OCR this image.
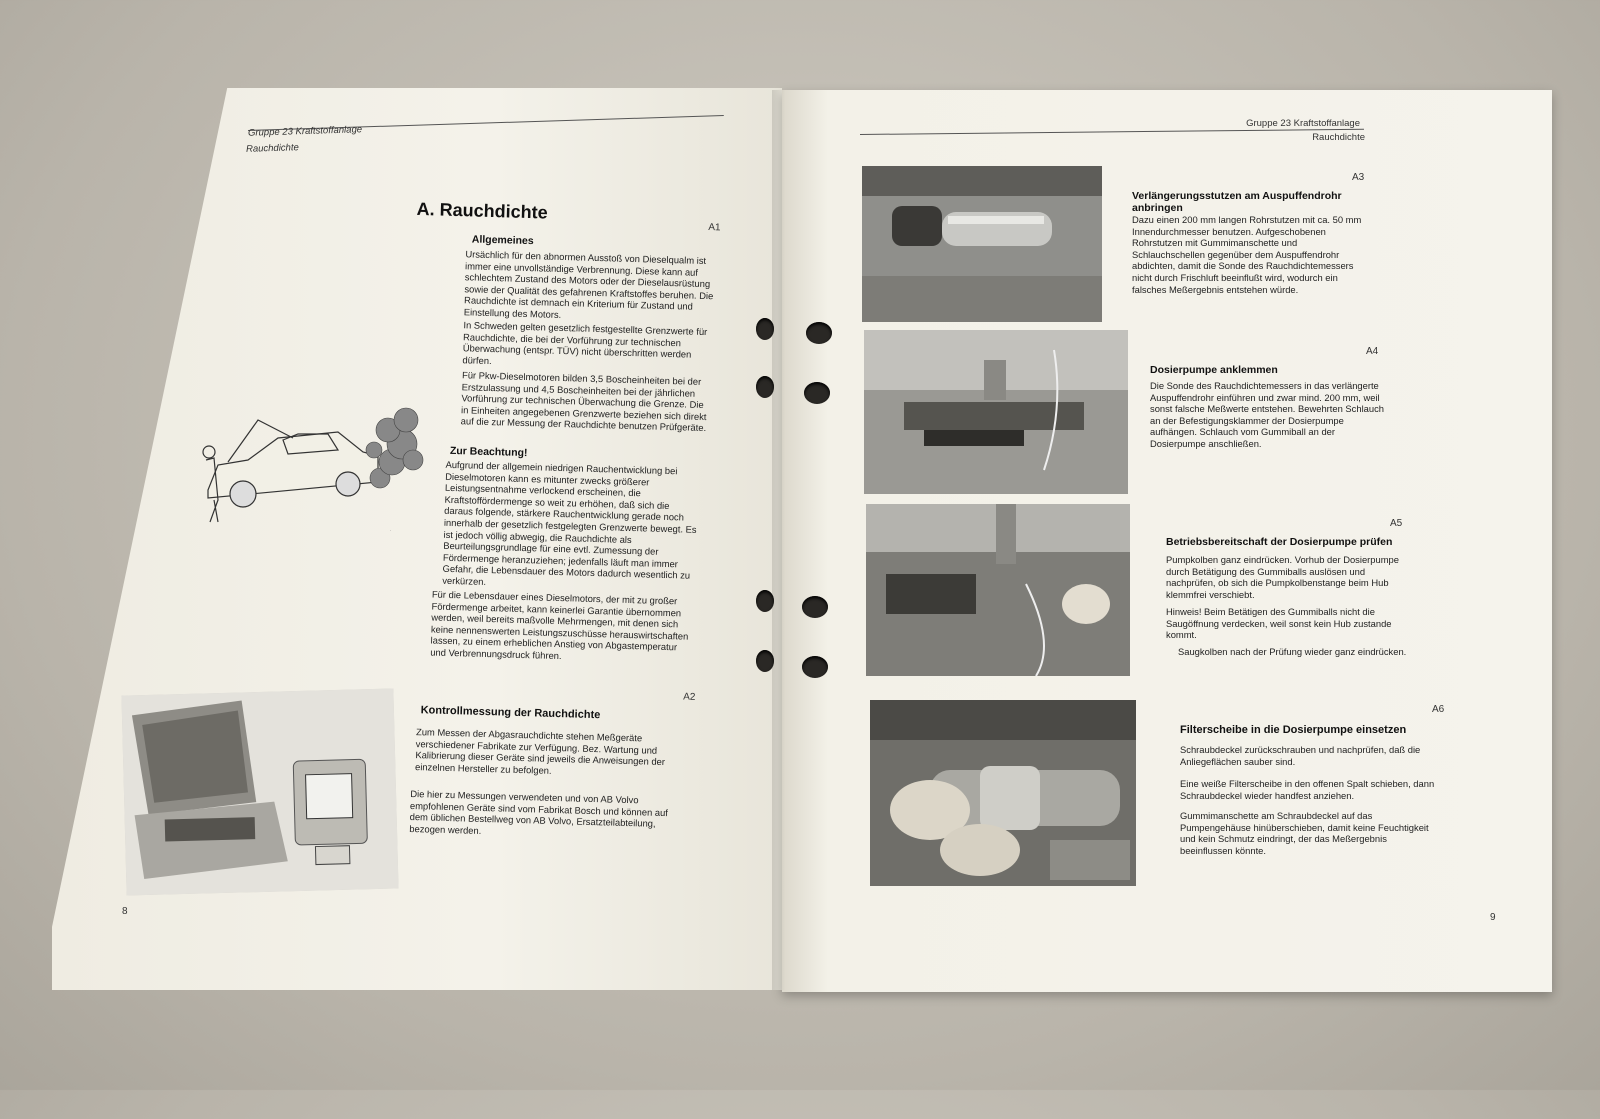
Gruppe 23 Kraftstoffanlage
Rauchdichte
A. Rauchdichte
A1
Allgemeines

Ursächlich für den abnormen Ausstoß von Dieselqualm ist immer eine unvollständige Verbrennung. Diese kann auf schlechtem Zustand des Motors oder der Dieselausrüstung sowie der Qualität des gefahrenen Kraftstoffes beruhen. Die Rauchdichte ist demnach ein Kriterium für Zustand und Einstellung des Motors.

In Schweden gelten gesetzlich festgestellte Grenzwerte für Rauchdichte, die bei der Vorführung zur technischen Überwachung (entspr. TÜV) nicht überschritten werden dürfen.

Für Pkw-Dieselmotoren bilden 3,5 Boscheinheiten bei der Erstzulassung und 4,5 Boscheinheiten bei der jährlichen Vorführung zur technischen Überwachung die Grenze. Die in Einheiten angegebenen Grenzwerte beziehen sich direkt auf die zur Messung der Rauchdichte benutzen Prüfgeräte.

Zur Beachtung!

Aufgrund der allgemein niedrigen Rauchentwicklung bei Dieselmotoren kann es mitunter zwecks größerer Leistungsentnahme verlockend erscheinen, die Kraftstoffördermenge so weit zu erhöhen, daß sich die daraus folgende, stärkere Rauchentwicklung gerade noch innerhalb der gesetzlich festgelegten Grenzwerte bewegt. Es ist jedoch völlig abwegig, die Rauchdichte als Beurteilungsgrundlage für eine evtl. Zumessung der Fördermenge heranzuziehen; jedenfalls läuft man immer Gefahr, die Lebensdauer des Motors dadurch wesentlich zu verkürzen.

Für die Lebensdauer eines Dieselmotors, der mit zu großer Fördermenge arbeitet, kann keinerlei Garantie übernommen werden, weil bereits maßvolle Mehrmengen, mit denen sich keine nennenswerten Leistungszuschüsse herauswirtschaften lassen, zu einem erheblichen Anstieg von Abgastemperatur und Verbrennungsdruck führen.

A2
Kontrollmessung der Rauchdichte

Zum Messen der Abgasrauchdichte stehen Meßgeräte verschiedener Fabrikate zur Verfügung. Bez. Wartung und Kalibrierung dieser Geräte sind jeweils die Anweisungen der einzelnen Hersteller zu befolgen.

Die hier zu Messungen verwendeten und von AB Volvo empfohlenen Geräte sind vom Fabrikat Bosch und können auf dem üblichen Bestellweg von AB Volvo, Ersatzteilabteilung, bezogen werden.

·
8
Gruppe 23 Kraftstoffanlage
Rauchdichte
A3
Verlängerungsstutzen am Auspuffendrohr anbringen

Dazu einen 200 mm langen Rohrstutzen mit ca. 50 mm Innendurchmesser benutzen. Aufgeschobenen Rohrstutzen mit Gummimanschette und Schlauchschellen gegenüber dem Auspuffendrohr abdichten, damit die Sonde des Rauchdichtemessers nicht durch Frischluft beeinflußt wird, wodurch ein falsches Meßergebnis entstehen würde.

A4
Dosierpumpe anklemmen

Die Sonde des Rauchdichtemessers in das verlängerte Auspuffendrohr einführen und zwar mind. 200 mm, weil sonst falsche Meßwerte entstehen. Bewehrten Schlauch an der Befestigungsklammer der Dosierpumpe aufhängen. Schlauch vom Gummiball an der Dosierpumpe anschließen.

A5
Betriebsbereitschaft der Dosierpumpe prüfen

Pumpkolben ganz eindrücken. Vorhub der Dosierpumpe durch Betätigung des Gummiballs auslösen und nachprüfen, ob sich die Pumpkolbenstange beim Hub klemmfrei verschiebt.

Hinweis! Beim Betätigen des Gummiballs nicht die Saugöffnung verdecken, weil sonst kein Hub zustande kommt.

Saugkolben nach der Prüfung wieder ganz eindrücken.

A6
Filterscheibe in die Dosierpumpe einsetzen

Schraubdeckel zurückschrauben und nachprüfen, daß die Anliegeflächen sauber sind.

Eine weiße Filterscheibe in den offenen Spalt schieben, dann Schraubdeckel wieder handfest anziehen.

Gummimanschette am Schraubdeckel auf das Pumpengehäuse hinüberschieben, damit keine Feuchtigkeit und kein Schmutz eindringt, der das Meßergebnis beeinflussen könnte.

9
